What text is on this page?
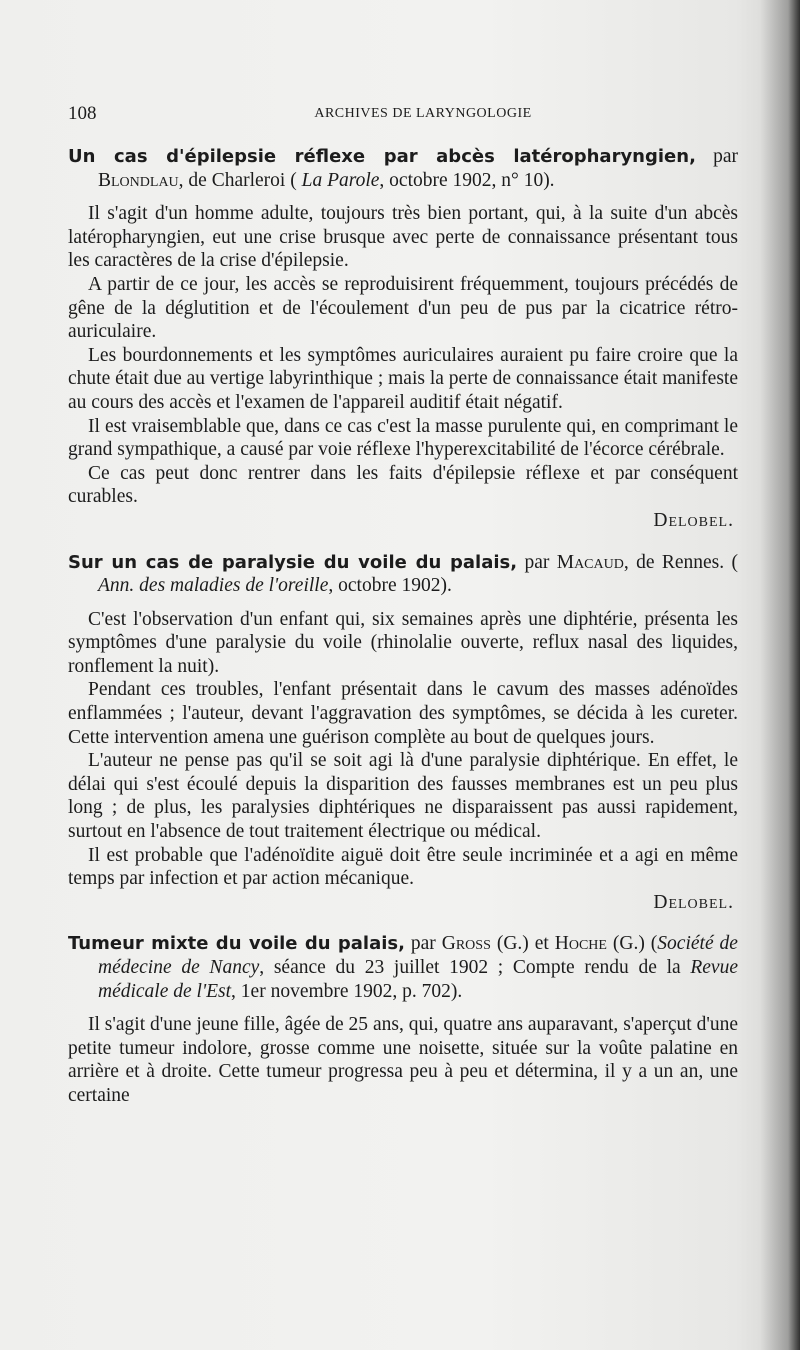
108	ARCHIVES DE LARYNGOLOGIE

Un cas d'épilepsie réflexe par abcès latéropharyngien, par Blondlau, de Charleroi ( La Parole, octobre 1902, n° 10).

Il s'agit d'un homme adulte, toujours très bien portant, qui, à la suite d'un abcès latéropharyngien, eut une crise brusque avec perte de connaissance présentant tous les caractères de la crise d'épilepsie.

A partir de ce jour, les accès se reproduisirent fréquemment, toujours précédés de gêne de la déglutition et de l'écoulement d'un peu de pus par la cicatrice rétro-auriculaire.

Les bourdonnements et les symptômes auriculaires auraient pu faire croire que la chute était due au vertige labyrinthique ; mais la perte de connaissance était manifeste au cours des accès et l'examen de l'appareil auditif était négatif.

Il est vraisemblable que, dans ce cas c'est la masse purulente qui, en comprimant le grand sympathique, a causé par voie réflexe l'hyperexcitabilité de l'écorce cérébrale.

Ce cas peut donc rentrer dans les faits d'épilepsie réflexe et par conséquent curables.

Delobel.

Sur un cas de paralysie du voile du palais, par Macaud, de Rennes. ( Ann. des maladies de l'oreille, octobre 1902).

C'est l'observation d'un enfant qui, six semaines après une diphtérie, présenta les symptômes d'une paralysie du voile (rhinolalie ouverte, reflux nasal des liquides, ronflement la nuit).

Pendant ces troubles, l'enfant présentait dans le cavum des masses adénoïdes enflammées ; l'auteur, devant l'aggravation des symptômes, se décida à les cureter. Cette intervention amena une guérison complète au bout de quelques jours.

L'auteur ne pense pas qu'il se soit agi là d'une paralysie diphtérique. En effet, le délai qui s'est écoulé depuis la disparition des fausses membranes est un peu plus long ; de plus, les paralysies diphtériques ne disparaissent pas aussi rapidement, surtout en l'absence de tout traitement électrique ou médical.

Il est probable que l'adénoïdite aiguë doit être seule incriminée et a agi en même temps par infection et par action mécanique.

Delobel.

Tumeur mixte du voile du palais, par Gross (G.) et Hoche (G.) (Société de médecine de Nancy, séance du 23 juillet 1902 ; Compte rendu de la Revue médicale de l'Est, 1er novembre 1902, p. 702).

Il s'agit d'une jeune fille, âgée de 25 ans, qui, quatre ans auparavant, s'aperçut d'une petite tumeur indolore, grosse comme une noisette, située sur la voûte palatine en arrière et à droite. Cette tumeur progressa peu à peu et détermina, il y a un an, une certaine
